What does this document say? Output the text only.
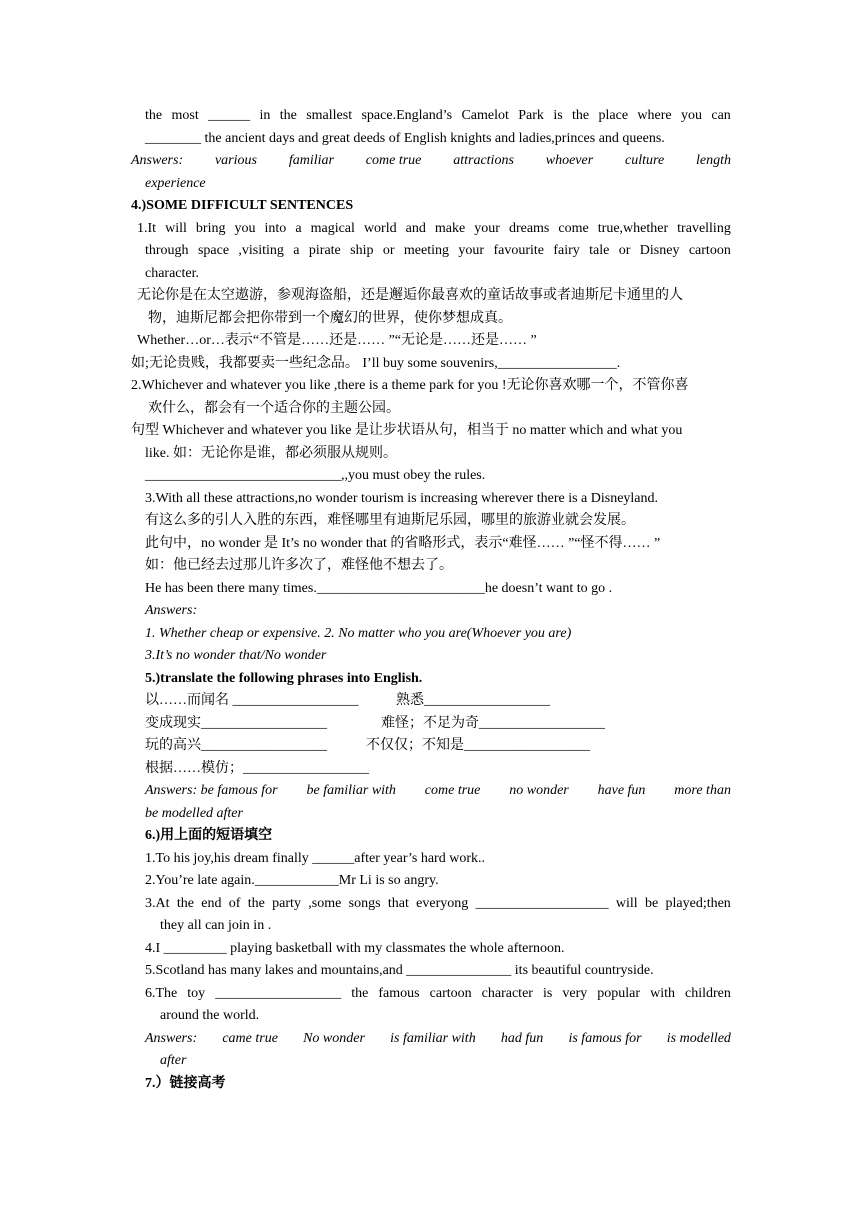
the most ______ in the smallest space.England’s Camelot Park is the place where you can
________ the ancient days and great deeds of English knights and ladies,princes and queens.
Answers: various familiar come true attractions whoever culture length
experience
4.)SOME DIFFICULT SENTENCES
1.It will bring you into a magical world and make your dreams come true,whether travelling
through space ,visiting a pirate ship or meeting your favourite fairy tale or Disney cartoon
character.
无论你是在太空遨游，参观海盗船，还是邂逅你最喜欢的童话故事或者迪斯尼卡通里的人
物，迪斯尼都会把你带到一个魔幻的世界，使你梦想成真。
Whether…or…表示“不管是……还是…… ”“无论是……还是…… ”
如;无论贵贱，我都要卖一些纪念品。 I’ll buy some souvenirs,_________________.
2.Whichever and whatever you like ,there is a theme park for you !无论你喜欢哪一个，不管你喜
欢什么，都会有一个适合你的主题公园。
句型 Whichever and whatever you like 是让步状语从句，相当于 no matter which and what you
like. 如：无论你是谁，都必须服从规则。
____________________________,,you must obey the rules.
3.With all these attractions,no wonder tourism is increasing wherever there is a Disneyland.
有这么多的引人入胜的东西，难怪哪里有迪斯尼乐园，哪里的旅游业就会发展。
此句中，no wonder 是 It’s no wonder that 的省略形式，表示“难怪…… ”“怪不得…… ”
如：他已经去过那儿许多次了，难怪他不想去了。
He has been there many times.________________________he doesn’t want to go .
Answers:
1. Whether cheap or expensive. 2. No matter who you are(Whoever you are)
3.It’s no wonder that/No wonder
5.)translate the following phrases into English.
以……而闻名 __________________	熟悉__________________
变成现实__________________	难怪；不足为奇__________________
玩的高兴__________________	不仅仅；不知是__________________
根据……模仿；__________________
Answers: be famous for be familiar with come true no wonder have fun more than
be modelled after
6.)用上面的短语填空
1.To his joy,his dream finally ______after year’s hard work..
2.You’re late again.____________Mr Li is so angry.
3.At the end of the party ,some songs that everyong ___________________ will be played;then
they all can join in .
4.I _________ playing basketball with my classmates the whole afternoon.
5.Scotland has many lakes and mountains,and _______________ its beautiful countryside.
6.The toy __________________ the famous cartoon character is very popular with children
around the world.
Answers: came true No wonder is familiar with had fun is famous for is modelled
after
7.）链接高考
